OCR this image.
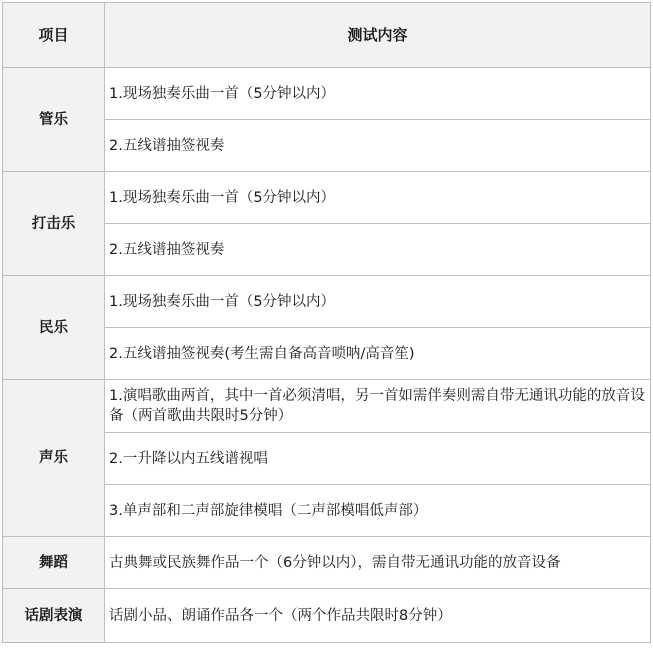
项目	测试内容
管乐	1.现场独奏乐曲一首（5分钟以内）
	2.五线谱抽签视奏
打击乐	1.现场独奏乐曲一首（5分钟以内）
	2.五线谱抽签视奏
民乐	1.现场独奏乐曲一首（5分钟以内）
	2.五线谱抽签视奏(考生需自备高音唢呐/高音笙)
声乐	1.演唱歌曲两首，其中一首必须清唱，另一首如需伴奏则需自带无通讯功能的放音设备（两首歌曲共限时5分钟）
	2.一升降以内五线谱视唱
	3.单声部和二声部旋律模唱（二声部模唱低声部）
舞蹈	古典舞或民族舞作品一个（6分钟以内），需自带无通讯功能的放音设备
话剧表演	话剧小品、朗诵作品各一个（两个作品共限时8分钟）
